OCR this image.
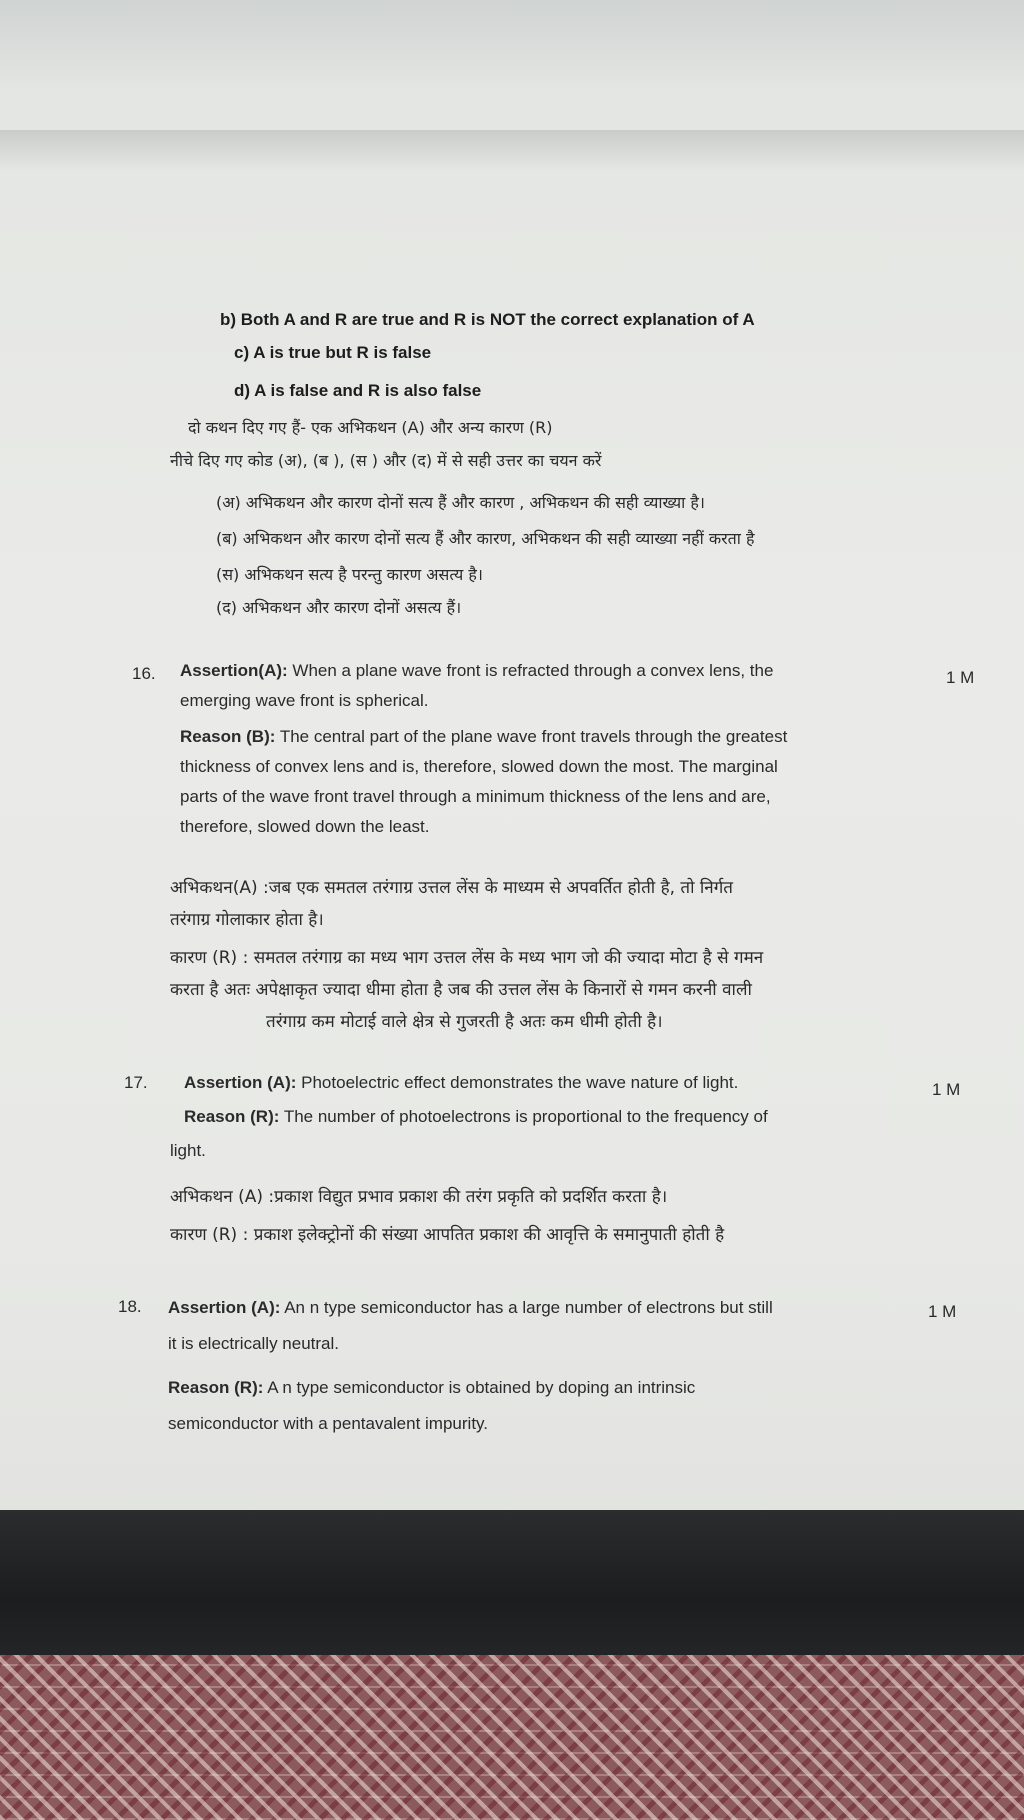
b) Both A and R are true and R is NOT the correct explanation of A
c) A is true but R is false
d) A is false and R is also false
दो कथन दिए गए हैं- एक अभिकथन (A) और अन्य कारण (R)
नीचे दिए गए कोड (अ), (ब ), (स ) और (द) में से सही उत्तर का चयन करें
(अ) अभिकथन और कारण दोनों सत्य हैं और कारण , अभिकथन की सही व्याख्या है।
(ब) अभिकथन और कारण दोनों सत्य हैं और कारण, अभिकथन की सही व्याख्या नहीं करता है
(स) अभिकथन सत्य है परन्तु कारण असत्य है।
(द) अभिकथन और कारण दोनों असत्य हैं।
16.	1 M
Assertion(A): When a plane wave front is refracted through a convex lens, the
emerging wave front is spherical.
Reason (B): The central part of the plane wave front travels through the greatest
thickness of convex lens and is, therefore, slowed down the most. The marginal
parts of the wave front travel through a minimum thickness of the lens and are,
therefore, slowed down the least.
अभिकथन(A) :जब एक समतल तरंगाग्र उत्तल लेंस के माध्यम से अपवर्तित होती है, तो निर्गत
तरंगाग्र गोलाकार होता है।
कारण (R) : समतल तरंगाग्र का मध्य भाग उत्तल लेंस के मध्य भाग जो की ज्यादा मोटा है से गमन
करता है अतः अपेक्षाकृत ज्यादा धीमा होता है जब की उत्तल लेंस के किनारों से गमन करनी वाली
तरंगाग्र कम मोटाई वाले क्षेत्र से गुजरती है अतः कम धीमी होती है।
17.	1 M
Assertion (A): Photoelectric effect demonstrates the wave nature of light.
Reason (R): The number of photoelectrons is proportional to the frequency of
light.
अभिकथन (A) :प्रकाश विद्युत प्रभाव प्रकाश की तरंग प्रकृति को प्रदर्शित करता है।
कारण (R) : प्रकाश इलेक्ट्रोनों की संख्या आपतित प्रकाश की आवृत्ति के समानुपाती होती है
18.	1 M
Assertion (A): An n type semiconductor has a large number of electrons but still
it is electrically neutral.
Reason (R): A n type semiconductor is obtained by doping an intrinsic
semiconductor with a pentavalent impurity.
